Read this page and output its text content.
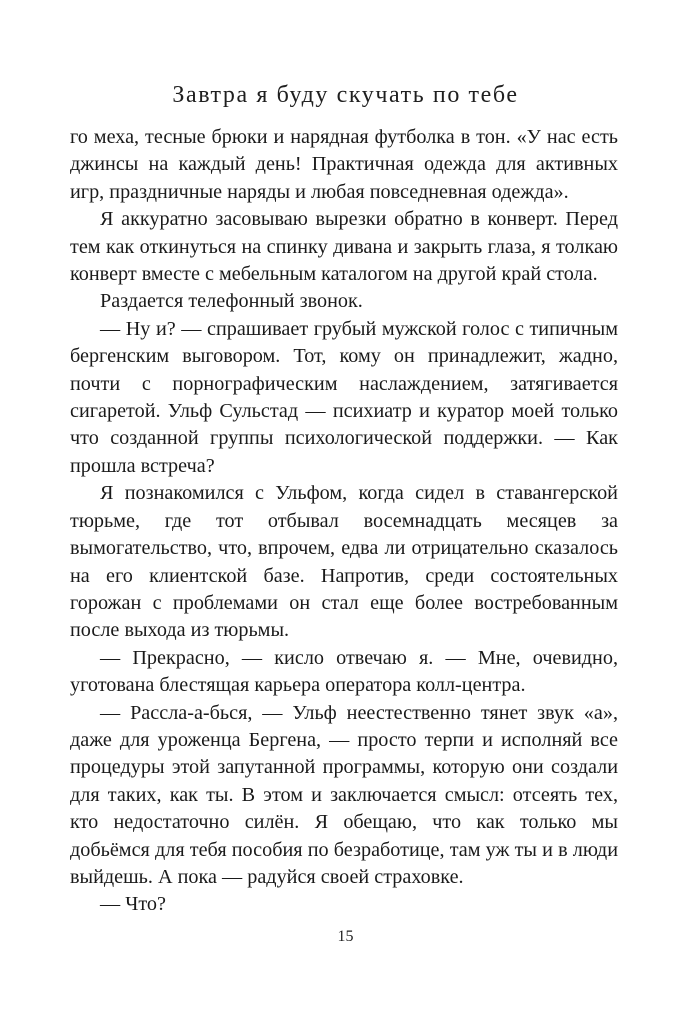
Завтра я буду скучать по тебе

го меха, тесные брюки и нарядная футболка в тон. «У нас есть джинсы на каждый день! Практичная одежда для активных игр, праздничные наряды и любая повседневная одежда».

Я аккуратно засовываю вырезки обратно в конверт. Перед тем как откинуться на спинку дивана и закрыть глаза, я толкаю конверт вместе с мебельным каталогом на другой край стола.

Раздается телефонный звонок.

— Ну и? — спрашивает грубый мужской голос с типичным бергенским выговором. Тот, кому он принадлежит, жадно, почти с порнографическим наслаждением, затягивается сигаретой. Ульф Сульстад — психиатр и куратор моей только что созданной группы психологической поддержки. — Как прошла встреча?

Я познакомился с Ульфом, когда сидел в ставангерской тюрьме, где тот отбывал восемнадцать месяцев за вымогательство, что, впрочем, едва ли отрицательно сказалось на его клиентской базе. Напротив, среди состоятельных горожан с проблемами он стал еще более востребованным после выхода из тюрьмы.

— Прекрасно, — кисло отвечаю я. — Мне, очевидно, уготована блестящая карьера оператора колл-центра.

— Рассла-а-бься, — Ульф неестественно тянет звук «а», даже для уроженца Бергена, — просто терпи и исполняй все процедуры этой запутанной программы, которую они создали для таких, как ты. В этом и заключается смысл: отсеять тех, кто недостаточно силён. Я обещаю, что как только мы добьёмся для тебя пособия по безработице, там уж ты и в люди выйдешь. А пока — радуйся своей страховке.

— Что?

15
